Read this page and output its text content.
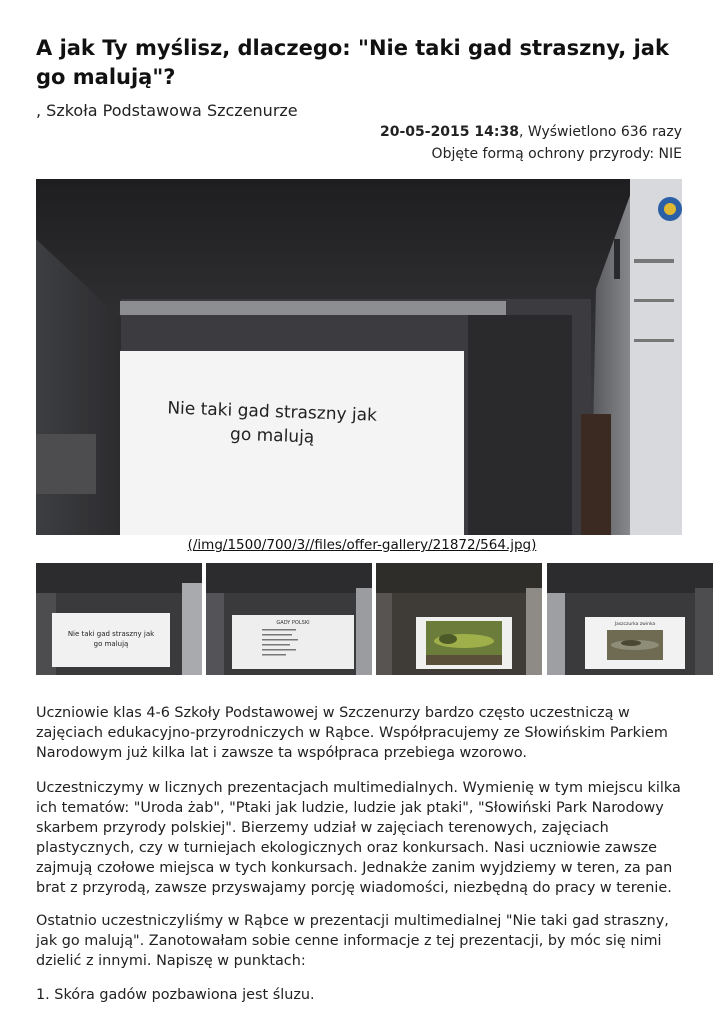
A jak Ty myślisz, dlaczego: "Nie taki gad straszny, jak go malują"?
, Szkoła Podstawowa Szczenurze
20-05-2015 14:38, Wyświetlono 636 razy
Objęte formą ochrony przyrody: NIE
Nie taki gad straszny jak
go malują
(/img/1500/700/3//files/offer-gallery/21872/564.jpg)
Nie taki gad straszny jak
go malują
GADY POLSKI	Jaszczurka zwinka

Uczniowie klas 4-6 Szkoły Podstawowej w Szczenurzy bardzo często uczestniczą w zajęciach edukacyjno-przyrodniczych w Rąbce. Współpracujemy ze Słowińskim Parkiem Narodowym już kilka lat i zawsze ta współpraca przebiega wzorowo.

Uczestniczymy w licznych prezentacjach multimedialnych. Wymienię w tym miejscu kilka ich tematów: "Uroda żab", "Ptaki jak ludzie, ludzie jak ptaki", "Słowiński Park Narodowy skarbem przyrody polskiej". Bierzemy udział w zajęciach terenowych, zajęciach plastycznych, czy w turniejach ekologicznych oraz konkursach. Nasi uczniowie zawsze zajmują czołowe miejsca w tych konkursach. Jednakże zanim wyjdziemy w teren, za pan brat z przyrodą, zawsze przyswajamy porcję wiadomości, niezbędną do pracy w terenie.

Ostatnio uczestniczyliśmy w Rąbce w prezentacji multimedialnej "Nie taki gad straszny, jak go malują". Zanotowałam sobie cenne informacje z tej prezentacji, by móc się nimi dzielić z innymi. Napiszę w punktach:

1. Skóra gadów pozbawiona jest śluzu.
